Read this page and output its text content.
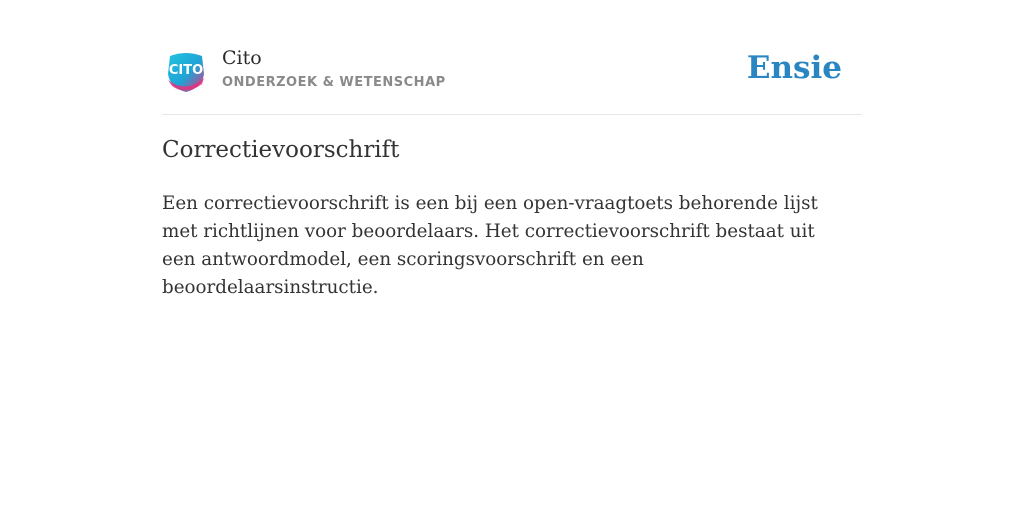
CITO
Cito
ONDERZOEK & WETENSCHAP	Ensie
Correctievoorschrift

Een correctievoorschrift is een bij een open-vraagtoets behorende lijst met richtlijnen voor beoordelaars. Het correctievoorschrift bestaat uit een antwoordmodel, een scoringsvoorschrift en een beoordelaarsinstructie.
